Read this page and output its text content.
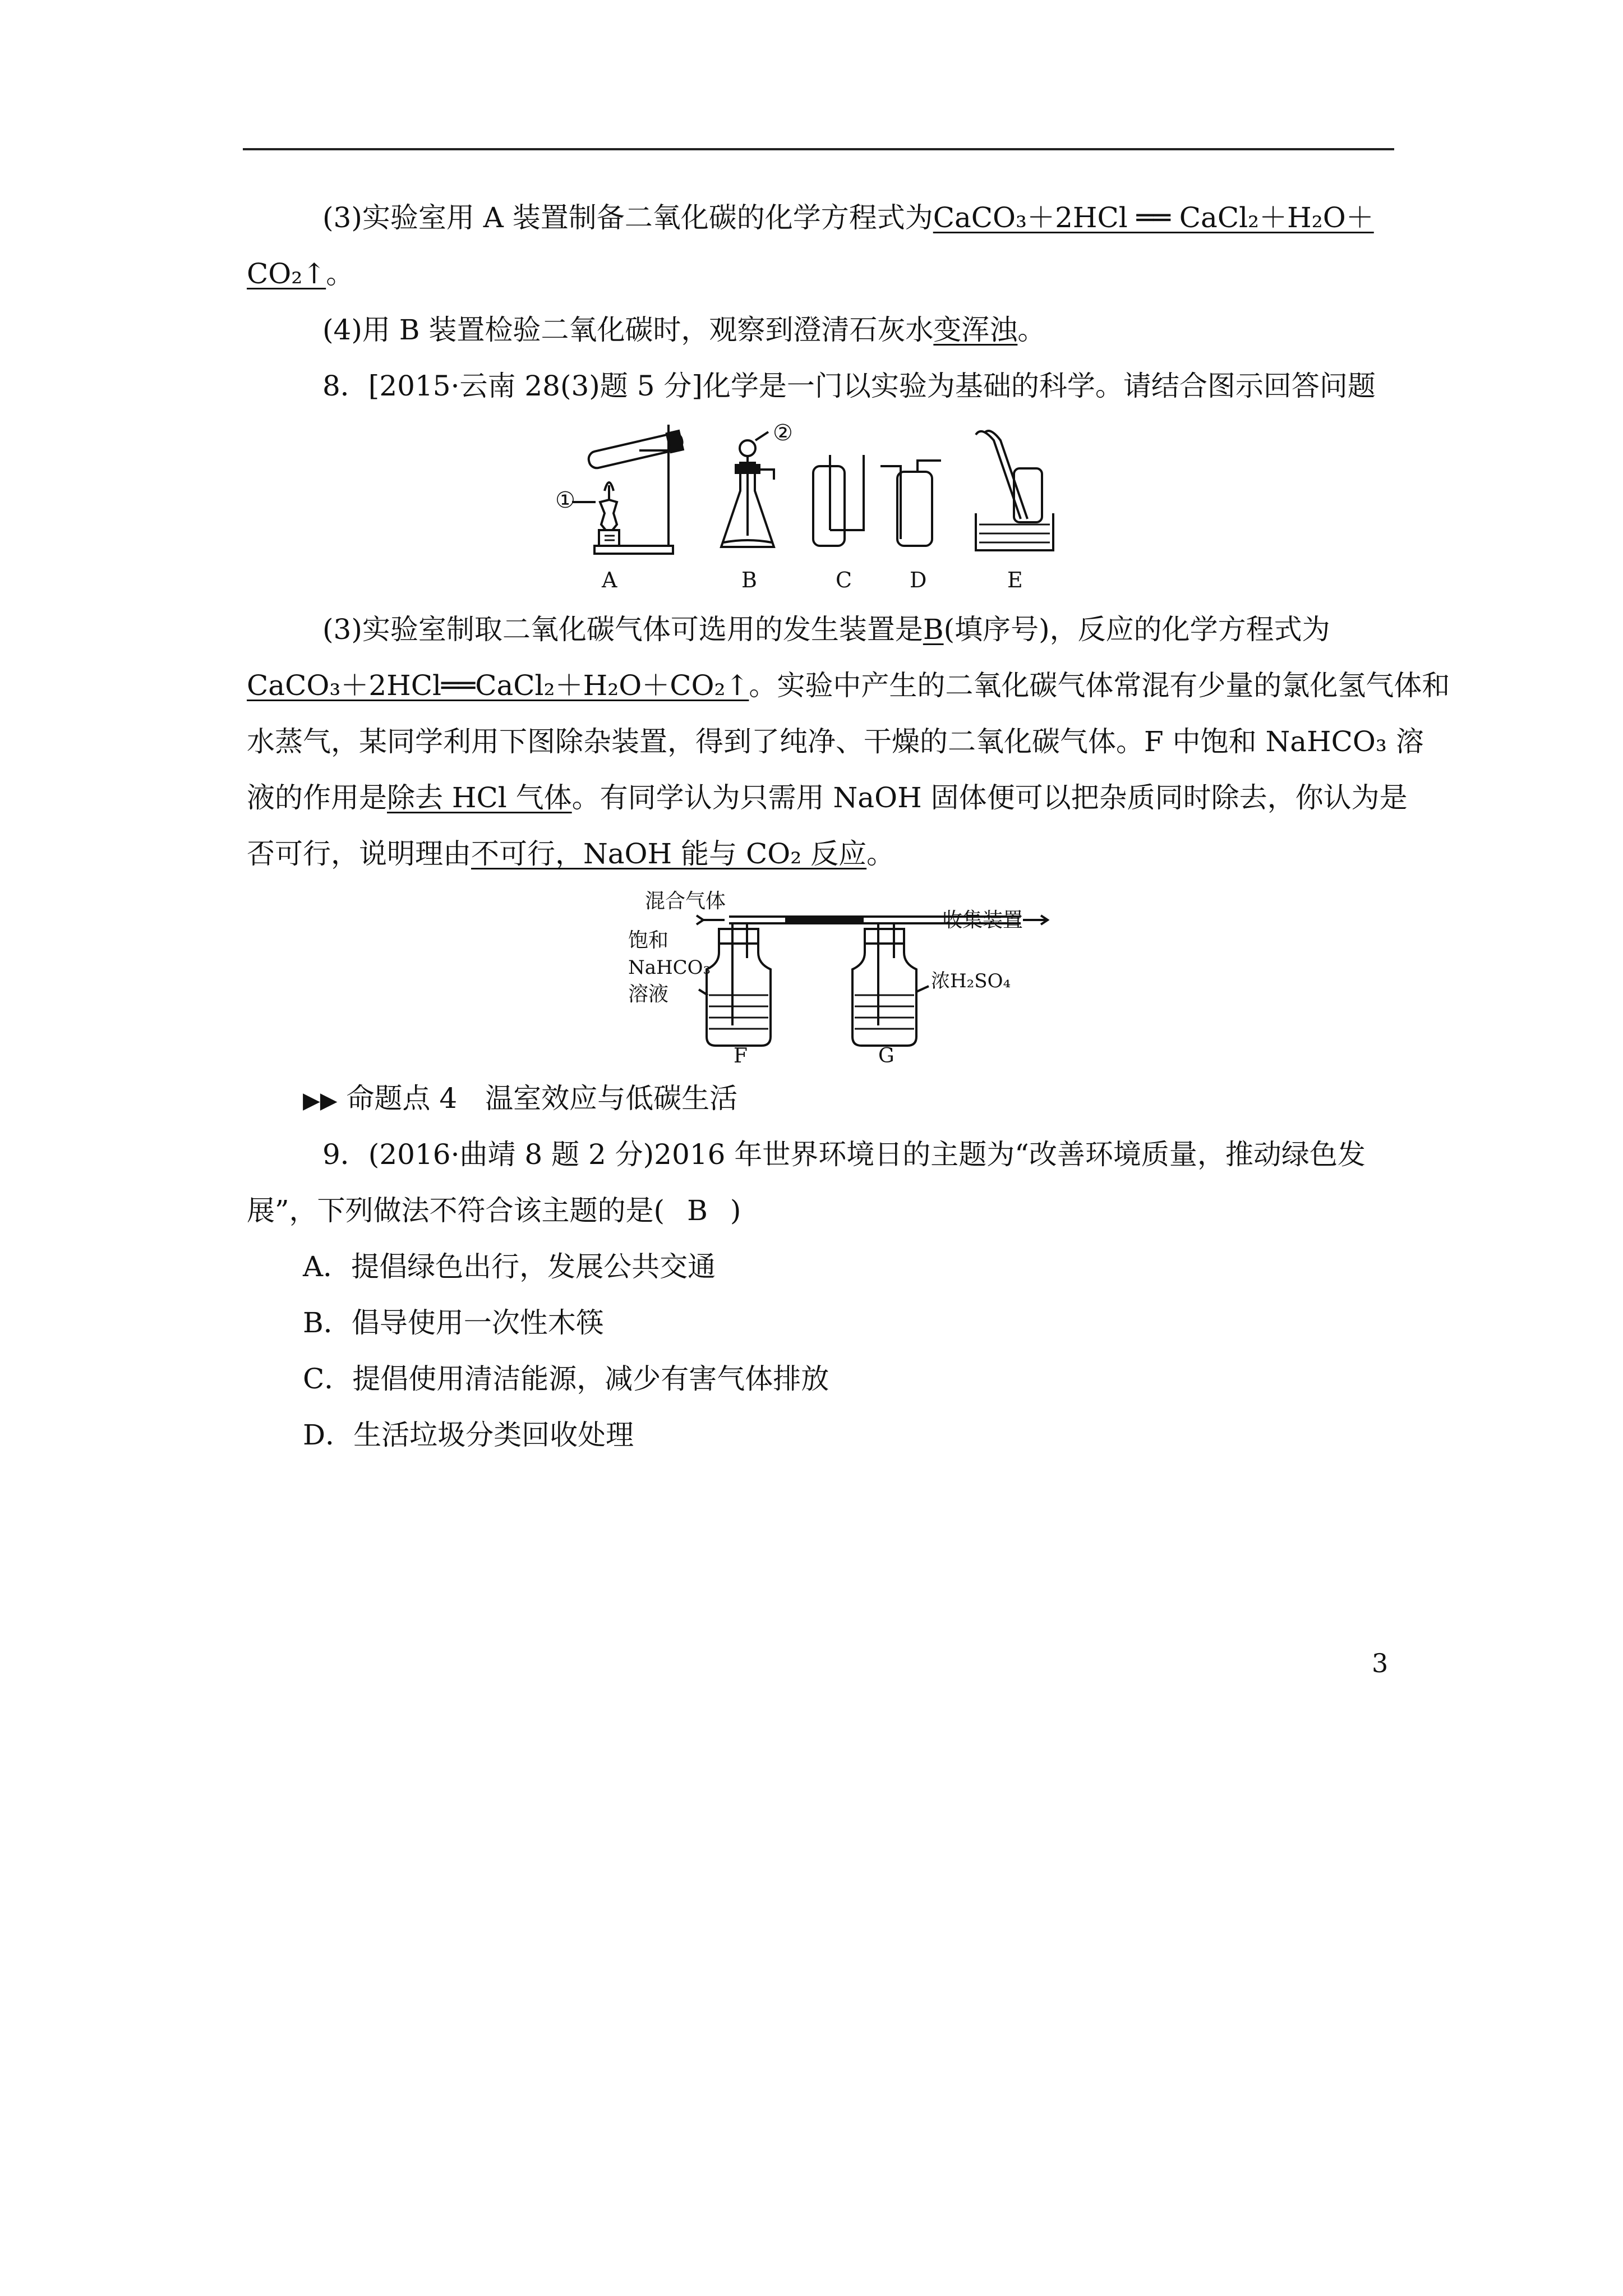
(3)实验室用 A 装置制备二氧化碳的化学方程式为CaCO₃＋2HCl ══ CaCl₂＋H₂O＋
CO₂↑。
(4)用 B 装置检验二氧化碳时，观察到澄清石灰水变浑浊。
8．[2015·云南 28(3)题 5 分]化学是一门以实验为基础的科学。请结合图示回答问题
①
②
A	B	C	D	E
(3)实验室制取二氧化碳气体可选用的发生装置是B(填序号)，反应的化学方程式为
CaCO₃＋2HCl══CaCl₂＋H₂O＋CO₂↑。实验中产生的二氧化碳气体常混有少量的氯化氢气体和
水蒸气，某同学利用下图除杂装置，得到了纯净、干燥的二氧化碳气体。F 中饱和 NaHCO₃ 溶
液的作用是除去 HCl 气体。有同学认为只需用 NaOH 固体便可以把杂质同时除去，你认为是
否可行，说明理由不可行，NaOH 能与 CO₂ 反应。
混合气体
收集装置
饱和
NaHCO₃
溶液
浓H₂SO₄
F	G
▶▶ 命题点 4　温室效应与低碳生活
9．(2016·曲靖 8 题 2 分)2016 年世界环境日的主题为“改善环境质量，推动绿色发
展”，下列做法不符合该主题的是( B )
A．提倡绿色出行，发展公共交通
B．倡导使用一次性木筷
C．提倡使用清洁能源，减少有害气体排放
D．生活垃圾分类回收处理
3
